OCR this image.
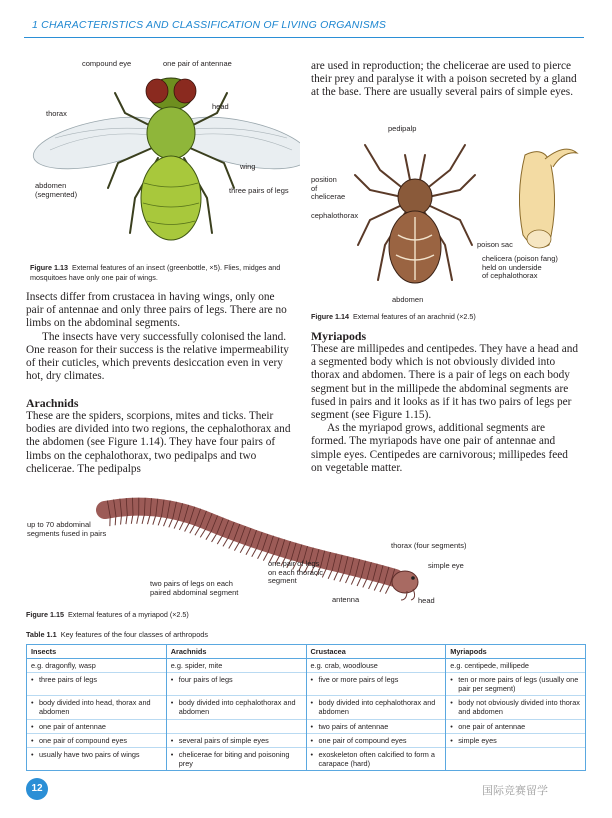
1 CHARACTERISTICS AND CLASSIFICATION OF LIVING ORGANISMS
compound eye	one pair of antennae
thorax
head
wing
abdomen
(segmented)	three pairs of legs
Figure 1.13 External features of an insect (greenbottle, ×5). Flies, midges and mosquitoes have only one pair of wings.

Insects differ from crustacea in having wings, only one pair of antennae and only three pairs of legs. There are no limbs on the abdominal segments.

The insects have very successfully colonised the land. One reason for their success is the relative impermeability of their cuticles, which prevents desiccation even in very hot, dry climates.

Arachnids

These are the spiders, scorpions, mites and ticks. Their bodies are divided into two regions, the cephalothorax and the abdomen (see Figure 1.14). They have four pairs of limbs on the cephalothorax, two pedipalps and two chelicerae. The pedipalps

are used in reproduction; the chelicerae are used to pierce their prey and paralyse it with a poison secreted by a gland at the base. There are usually several pairs of simple eyes.

pedipalp
position
of
chelicerae
cephalothorax
abdomen
poison sac
chelicera (poison fang)
held on underside
of cephalothorax
Figure 1.14 External features of an arachnid (×2.5)
Myriapods

These are millipedes and centipedes. They have a head and a segmented body which is not obviously divided into thorax and abdomen. There is a pair of legs on each body segment but in the millipede the abdominal segments are fused in pairs and it looks as if it has two pairs of legs per segment (see Figure 1.15).

As the myriapod grows, additional segments are formed. The myriapods have one pair of antennae and simple eyes. Centipedes are carnivorous; millipedes feed on vegetable matter.

up to 70 abdominal
segments fused in pairs
thorax (four segments)
simple eye
one pair of legs
on each thoracic
segment
two pairs of legs on each
paired abdominal segment
antenna	head
Figure 1.15 External features of a myriapod (×2.5)
Table 1.1 Key features of the four classes of arthropods
Insects	Arachnids	Crustacea	Myriapods
e.g. dragonfly, wasp	e.g. spider, mite	e.g. crab, woodlouse	e.g. centipede, millipede
• three pairs of legs	• four pairs of legs	• five or more pairs of legs	• ten or more pairs of legs (usually one pair per segment)
• body divided into head, thorax and abdomen	• body divided into cephalothorax and abdomen	• body divided into cephalothorax and abdomen	• body not obviously divided into thorax and abdomen
• one pair of antennae		• two pairs of antennae	• one pair of antennae
• one pair of compound eyes	• several pairs of simple eyes	• one pair of compound eyes	• simple eyes
• usually have two pairs of wings	• chelicerae for biting and poisoning prey	• exoskeleton often calcified to form a carapace (hard)	
12	国际竞赛留学
